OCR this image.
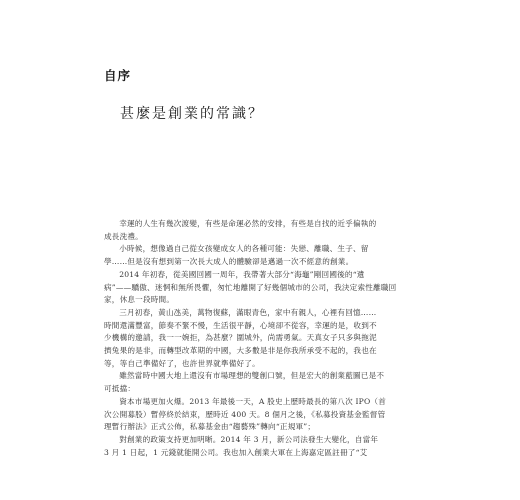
自序
甚麼是創業的常識？

幸運的人生有幾次渡變，有些是命運必然的安排，有些是自找的近乎偏執的
成長洗禮。

小時候，想像過自己從女孩變成女人的各種可能：失戀、離職、生子、留
學……但是沒有想到第一次長大成人的體驗卻是邁過一次不經意的創業。

2014 年初春，從美國回國一周年，我帶著大部分“海龜”剛回國後的“遺
病”——驕傲、迷惘和無所畏懼，匆忙地離開了好幾個城市的公司，我決定索性離職回
家，休息一段時間。

三月初春，黃山氹美，萬物復蘇，滿眼青色，家中有親人，心裡有回憶……
時間還滿豐富，節奏不緊不慢，生活很平靜，心境卻不從容，幸運的是，收到不
少機構的邀請，我一一婉拒，為甚麼？圍城外，尚需勇氣。天真女子只多與拖泥
擠兔果的是非，而轉型改革期的中國，大多數是非是你我所承受不起的，我也在
等，等自己準備好了，也許世界就準備好了。

雖然當時中國大地上還沒有市場理想的雙創口號，但是宏大的創業藍圖已是不
可抵擋：

資本市場更加火爆。2013 年最後一天，A 股史上歷時最長的第八次 IPO（首
次公開募股）暫停終於結束，歷時近 400 天。8 個月之後，《私募投資基金監督管
理暫行辦法》正式公佈，私募基金由“趨藝殊”轉向“正規軍”；

對創業的政策支持更加明晰。2014 年 3 月，新公司法發生大變化，自當年
3 月 1 日起，1 元錢就能開公司。我也加入創業大軍在上海嘉定區註冊了“艾
